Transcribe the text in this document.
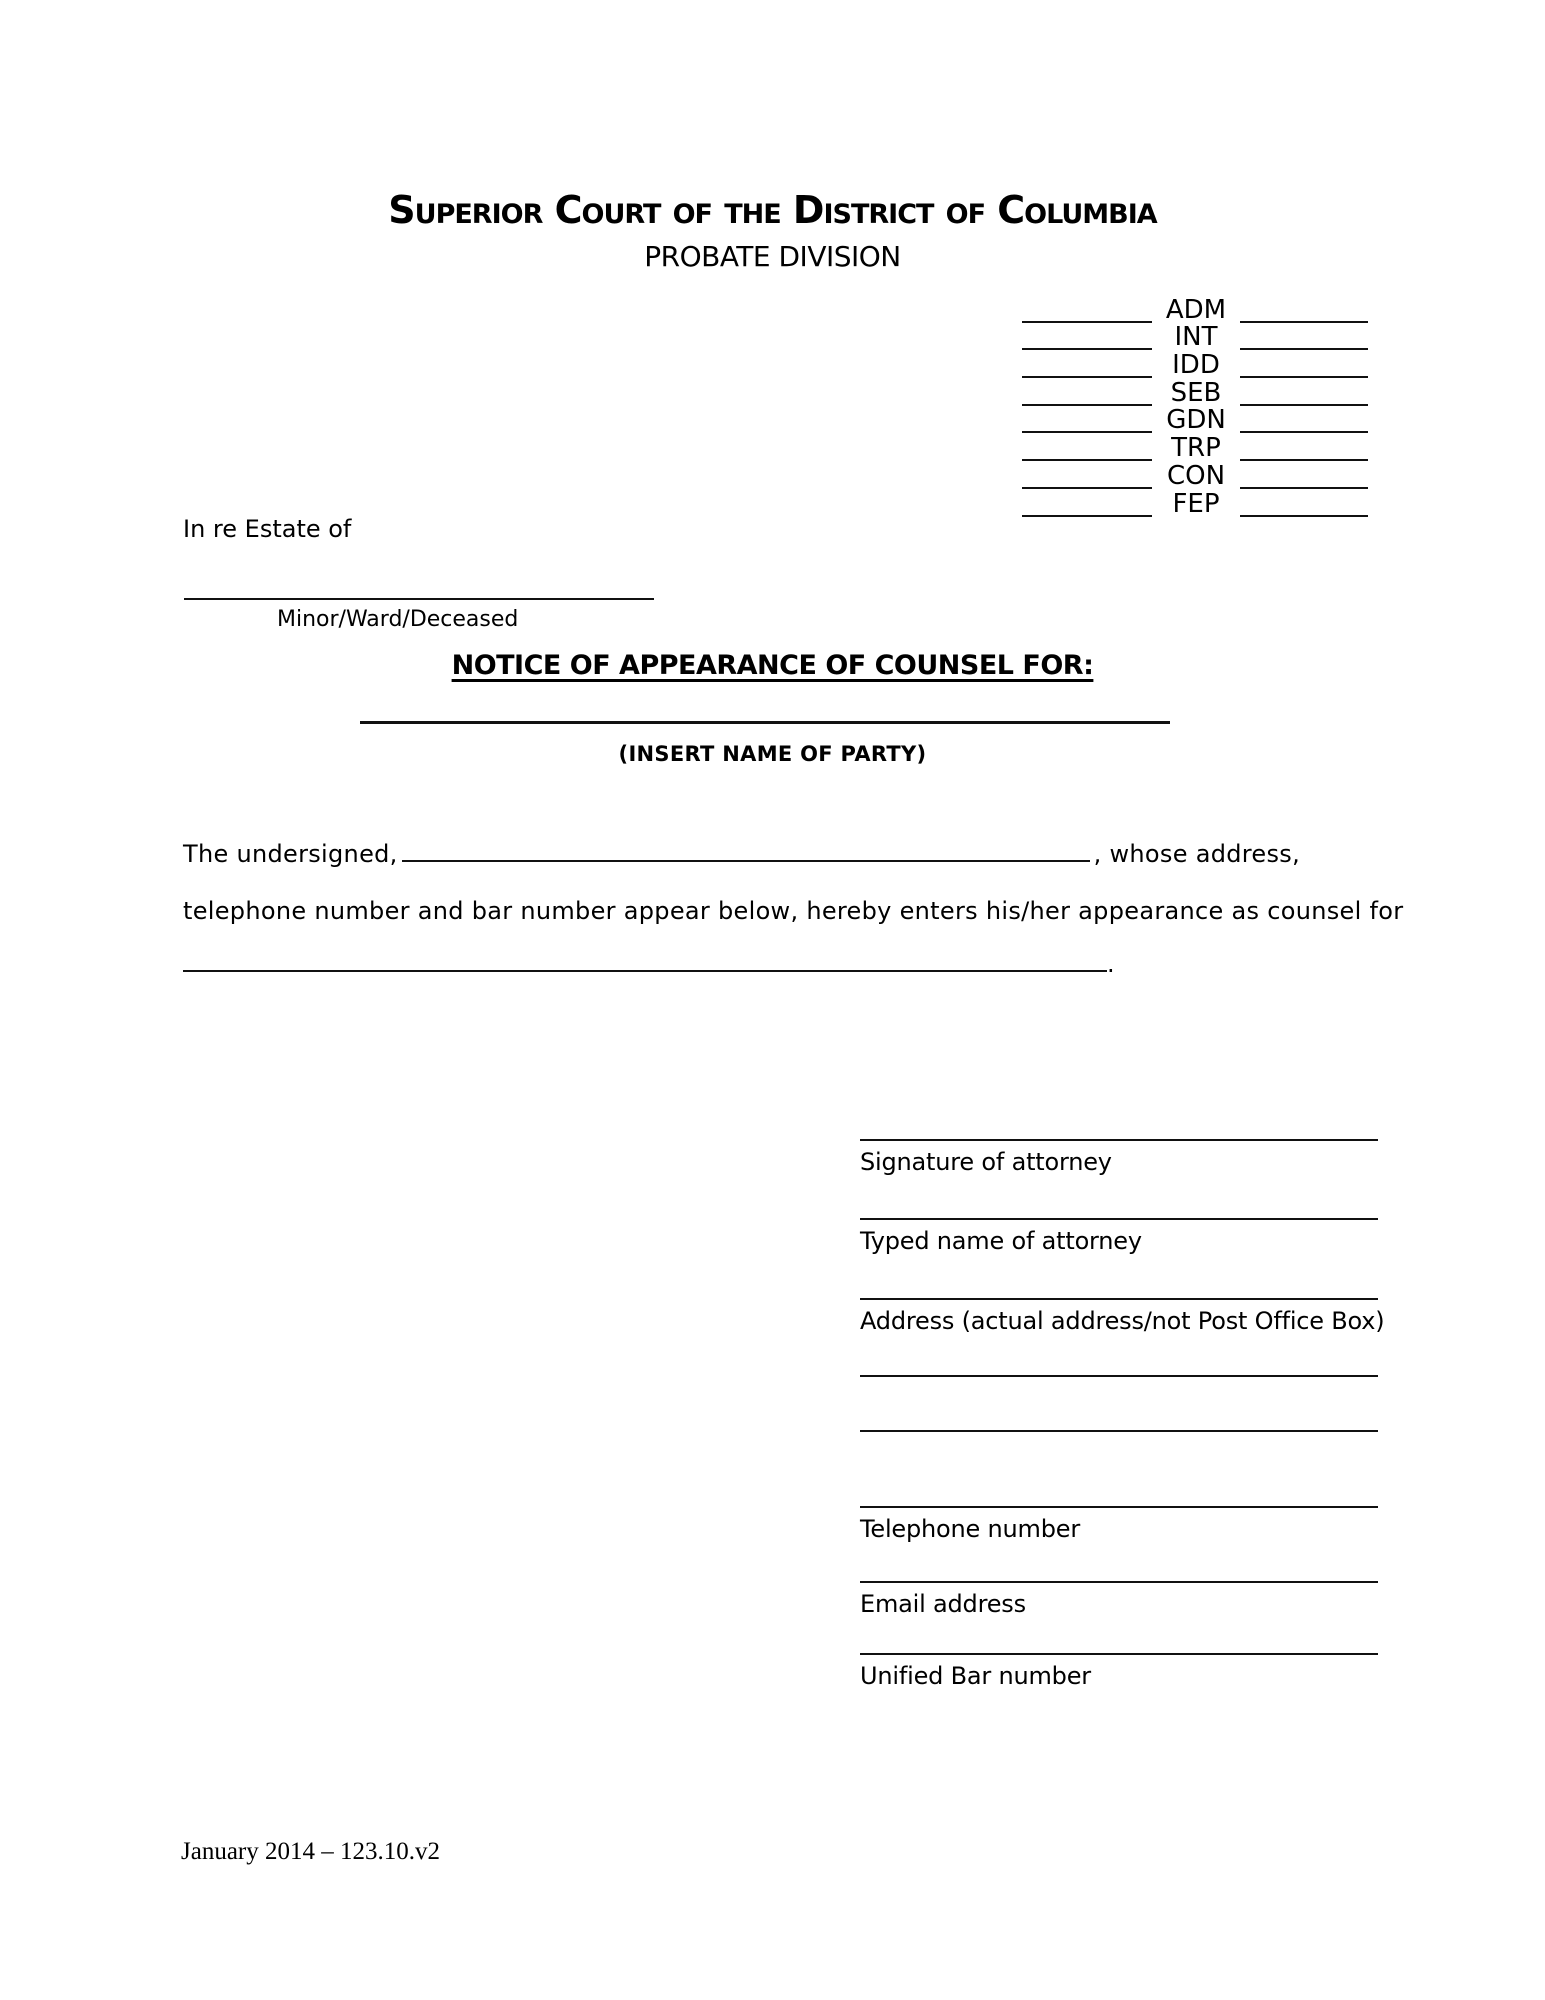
Superior Court of the District of Columbia
PROBATE DIVISION
ADM
INT
IDD
SEB
GDN
TRP
CON
FEP
In re Estate of
Minor/Ward/Deceased
NOTICE OF APPEARANCE OF COUNSEL FOR:
(INSERT NAME OF PARTY)
The undersigned,	, whose address,
telephone number and bar number appear below, hereby enters his/her appearance as counsel for
.
Signature of attorney
Typed name of attorney
Address (actual address/not Post Office Box)
Telephone number
Email address
Unified Bar number
January 2014 – 123.10.v2
